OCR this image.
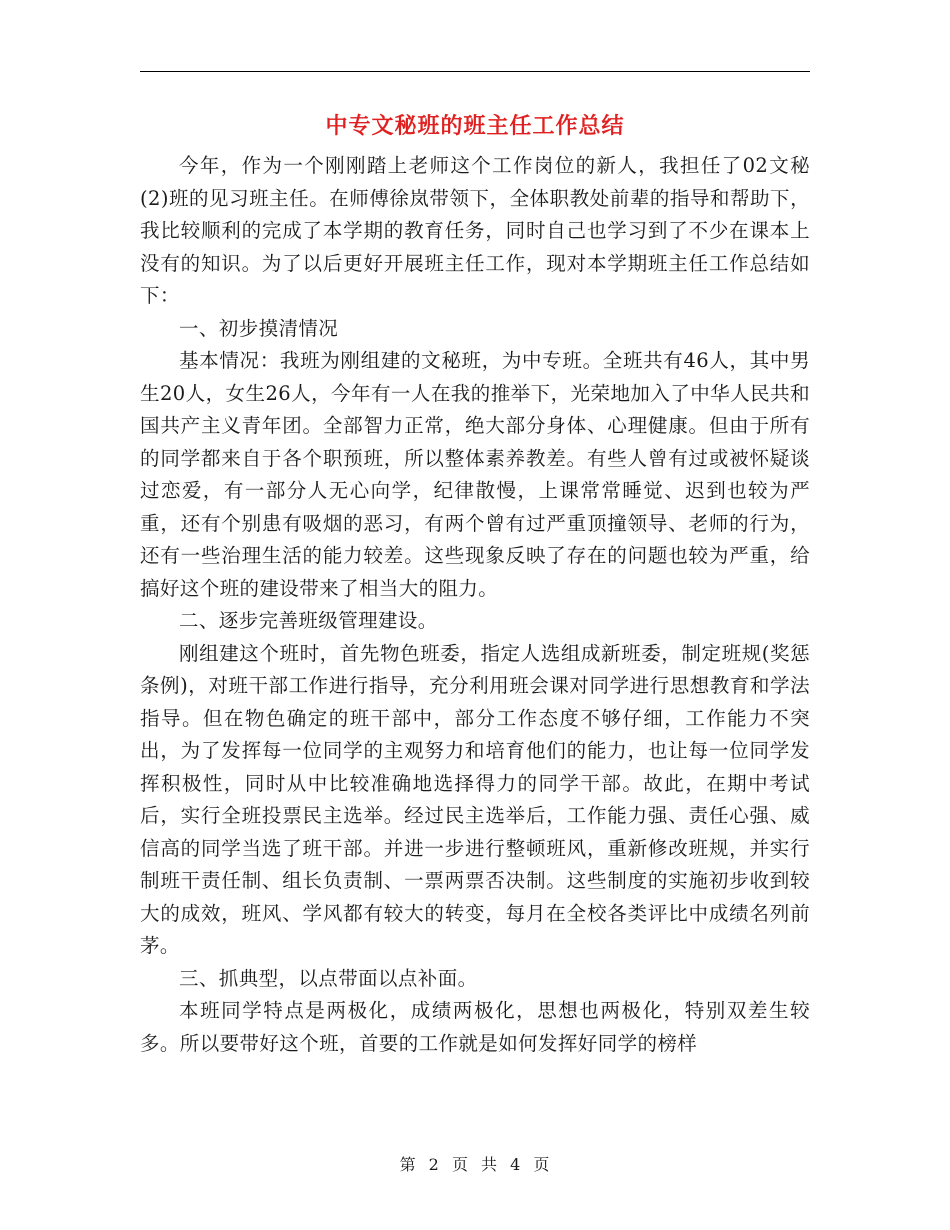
中专文秘班的班主任工作总结

今年，作为一个刚刚踏上老师这个工作岗位的新人，我担任了02文秘(2)班的见习班主任。在师傅徐岚带领下，全体职教处前辈的指导和帮助下，我比较顺利的完成了本学期的教育任务，同时自己也学习到了不少在课本上没有的知识。为了以后更好开展班主任工作，现对本学期班主任工作总结如下：

一、初步摸清情况

基本情况：我班为刚组建的文秘班，为中专班。全班共有46人，其中男生20人，女生26人，今年有一人在我的推举下，光荣地加入了中华人民共和国共产主义青年团。全部智力正常，绝大部分身体、心理健康。但由于所有的同学都来自于各个职预班，所以整体素养教差。有些人曾有过或被怀疑谈过恋爱，有一部分人无心向学，纪律散慢，上课常常睡觉、迟到也较为严重，还有个别患有吸烟的恶习，有两个曾有过严重顶撞领导、老师的行为，还有一些治理生活的能力较差。这些现象反映了存在的问题也较为严重，给搞好这个班的建设带来了相当大的阻力。

二、逐步完善班级管理建设。

刚组建这个班时，首先物色班委，指定人选组成新班委，制定班规(奖惩条例)，对班干部工作进行指导，充分利用班会课对同学进行思想教育和学法指导。但在物色确定的班干部中，部分工作态度不够仔细，工作能力不突出，为了发挥每一位同学的主观努力和培育他们的能力，也让每一位同学发挥积极性，同时从中比较准确地选择得力的同学干部。故此，在期中考试后，实行全班投票民主选举。经过民主选举后，工作能力强、责任心强、威信高的同学当选了班干部。并进一步进行整顿班风，重新修改班规，并实行制班干责任制、组长负责制、一票两票否决制。这些制度的实施初步收到较大的成效，班风、学风都有较大的转变，每月在全校各类评比中成绩名列前茅。

三、抓典型，以点带面以点补面。

本班同学特点是两极化，成绩两极化，思想也两极化，特别双差生较多。所以要带好这个班，首要的工作就是如何发挥好同学的榜样

第 2 页 共 4 页
